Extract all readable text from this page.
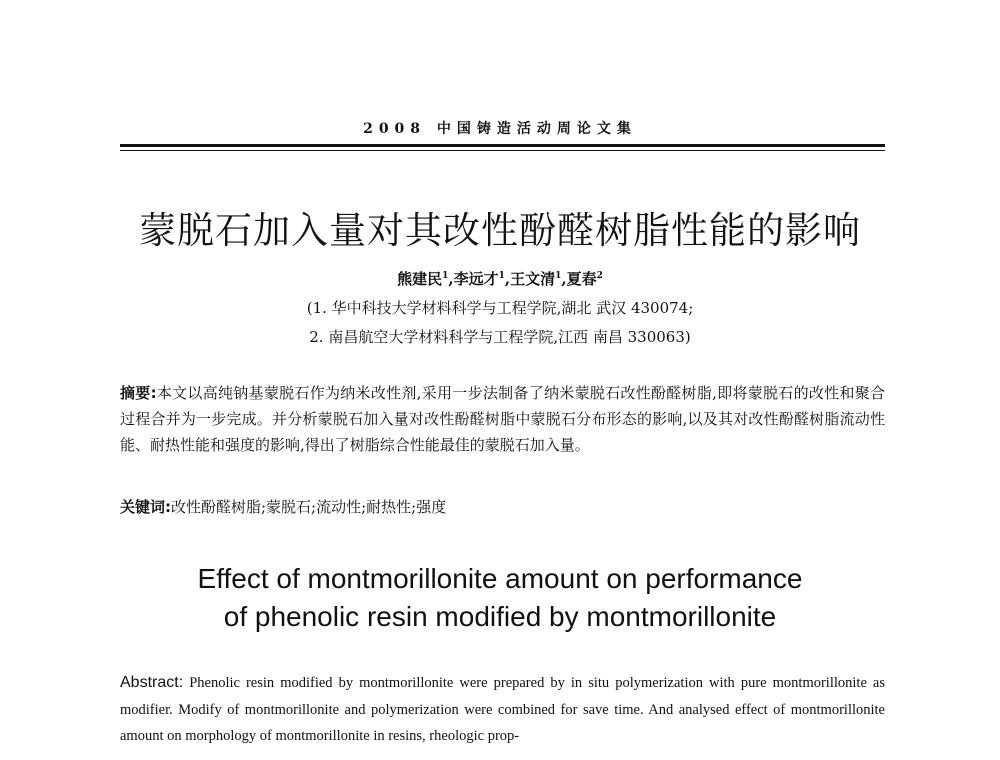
2008 中国铸造活动周论文集
蒙脱石加入量对其改性酚醛树脂性能的影响
熊建民$^1$,李远才$^1$,王文清$^1$,夏春$^2$
(1. 华中科技大学材料科学与工程学院,湖北 武汉 430074;
2. 南昌航空大学材料科学与工程学院,江西 南昌 330063)
摘要:本文以高纯钠基蒙脱石作为纳米改性剂,采用一步法制备了纳米蒙脱石改性酚醛树脂,即将蒙脱石的改性和聚合过程合并为一步完成。并分析蒙脱石加入量对改性酚醛树脂中蒙脱石分布形态的影响,以及其对改性酚醛树脂流动性能、耐热性能和强度的影响,得出了树脂综合性能最佳的蒙脱石加入量。
关键词:改性酚醛树脂;蒙脱石;流动性;耐热性;强度
Effect of montmorillonite amount on performance
of phenolic resin modified by montmorillonite
Abstract: Phenolic resin modified by montmorillonite were prepared by in situ polymerization with pure montmorillonite as modifier. Modify of montmorillonite and polymerization were combined for save time. And analysed effect of montmorillonite amount on morphology of montmorillonite in resins, rheologic prop-
